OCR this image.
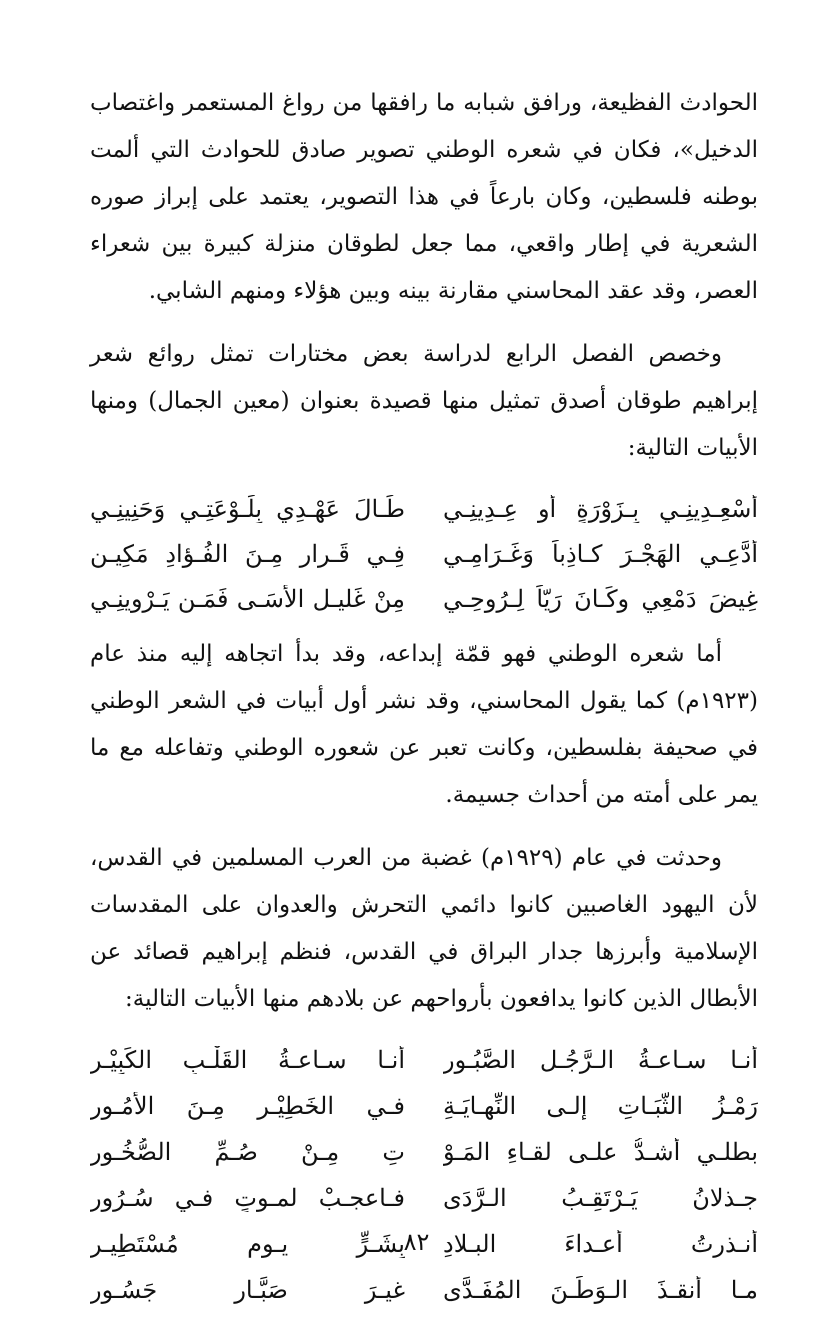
الحوادث الفظيعة، ورافق شبابه ما رافقها من رواغ المستعمر واغتصاب الدخيل»، فكان في شعره الوطني تصوير صادق للحوادث التي ألمت بوطنه فلسطين، وكان بارعاً في هذا التصوير، يعتمد على إبراز صوره الشعرية في إطار واقعي، مما جعل لطوقان منزلة كبيرة بين شعراء العصر، وقد عقد المحاسني مقارنة بينه وبين هؤلاء ومنهم الشابي.

وخصص الفصل الرابع لدراسة بعض مختارات تمثل روائع شعر إبراهيم طوقان أصدق تمثيل منها قصيدة بعنوان (معين الجمال) ومنها الأبيات التالية:

أَسْعِـدِينِـي بِـزَوْرَةٍ أو عِـدِينِـي
طَـالَ عَهْـدِي بِلَـوْعَتِـي وَحَنِينِـي
أَدَّعِـي الهَجْـرَ كـاذِباً وَغَـرَامِـي
فِـي قَـرارٍ مِـنَ الفُـؤادِ مَكِيـنِ
غِيضَ دَمْعِي وكَـانَ رَيّاً لِـرُوحِـي
مِنْ غَليـلِ الأَسَـى فَمَـن يَـرْوِينِـي

أما شعره الوطني فهو قمّة إبداعه، وقد بدأ اتجاهه إليه منذ عام (١٩٢٣م) كما يقول المحاسني، وقد نشر أول أبيات في الشعر الوطني في صحيفة بفلسطين، وكانت تعبر عن شعوره الوطني وتفاعله مع ما يمر على أمته من أحداث جسيمة.

وحدثت في عام (١٩٢٩م) غضبة من العرب المسلمين في القدس، لأن اليهود الغاصبين كانوا دائمي التحرش والعدوان على المقدسات الإسلامية وأبرزها جدار البراق في القدس، فنظم إبراهيم قصائد عن الأبطال الذين كانوا يدافعون بأرواحهم عن بلادهم منها الأبيات التالية:

أنـا سـاعـةُ الـرَّجُـلِ الصَّبُـورِ
أنـا سـاعـةُ القَلْـبِ الكَبِيْـرِ
رَمْـزُ الثَّبَـاتِ إلـى النِّهـايَـةِ
فـي الخَطِيْـرِ مِـنَ الأمُـورِ
بطلـي أشـدُّ علـى لقـاءِ المَـوْ
تِ مِـنْ صُـمِّ الصُّخُـورِ
جـذلانُ يَـرْتَقِـبُ الـرَّدَى
فـاعجـبْ لمـوتٍ فـي سُـرُورِ
أنـذرتُ أعـداءَ البـلادِ
بِشَـرٍّ يـوم مُسْتَطِيـرِ
مـا أنقـذَ الـوَطَـنَ المُفَـدَّى
غيـرَ صَبَّـارٍ جَسُـورِ
٨٢
